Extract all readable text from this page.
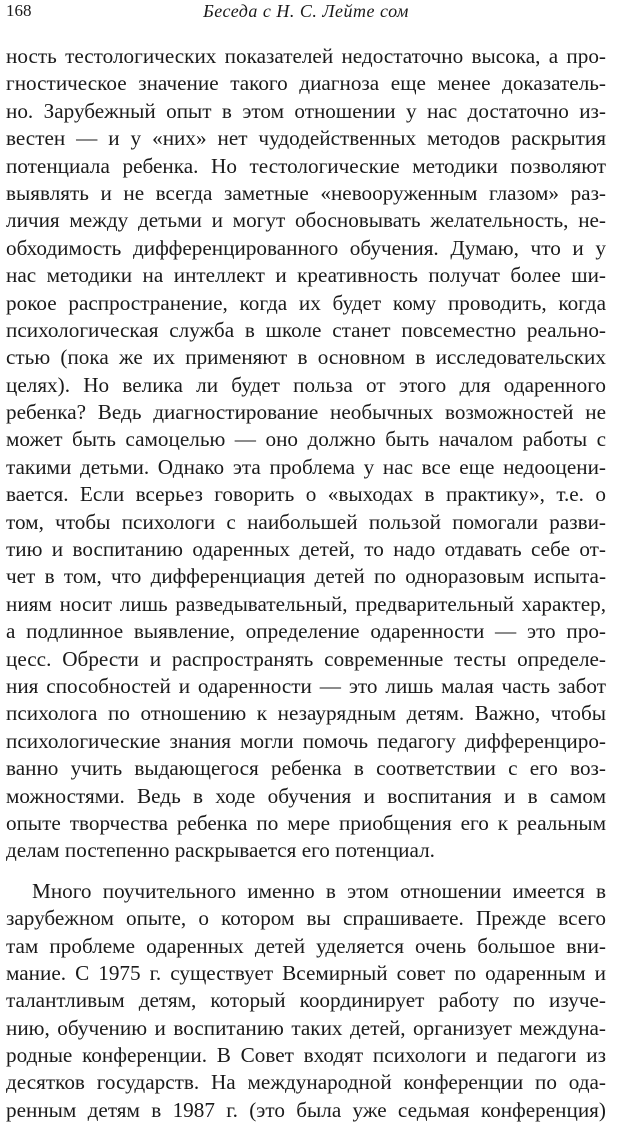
168	Беседа с Н. С. Лейте сом
ность тестологических показателей недостаточно высока, а про-
гностическое значение такого диагноза еще менее доказатель-
но. Зарубежный опыт в этом отношении у нас достаточно из-
вестен — и у «них» нет чудодейственных методов раскрытия
потенциала ребенка. Но тестологические методики позволяют
выявлять и не всегда заметные «невооруженным глазом» раз-
личия между детьми и могут обосновывать желательность, не-
обходимость дифференцированного обучения. Думаю, что и у
нас методики на интеллект и креативность получат более ши-
рокое распространение, когда их будет кому проводить, когда
психологическая служба в школе станет повсеместно реально-
стью (пока же их применяют в основном в исследовательских
целях). Но велика ли будет польза от этого для одаренного
ребенка? Ведь диагностирование необычных возможностей не
может быть самоцелью — оно должно быть началом работы с
такими детьми. Однако эта проблема у нас все еще недооцени-
вается. Если всерьез говорить о «выходах в практику», т.е. о
том, чтобы психологи с наибольшей пользой помогали разви-
тию и воспитанию одаренных детей, то надо отдавать себе от-
чет в том, что дифференциация детей по одноразовым испыта-
ниям носит лишь разведывательный, предварительный характер,
а подлинное выявление, определение одаренности — это про-
цесс. Обрести и распространять современные тесты определе-
ния способностей и одаренности — это лишь малая часть забот
психолога по отношению к незаурядным детям. Важно, чтобы
психологические знания могли помочь педагогу дифференциро-
ванно учить выдающегося ребенка в соответствии с его воз-
можностями. Ведь в ходе обучения и воспитания и в самом
опыте творчества ребенка по мере приобщения его к реальным
делам постепенно раскрывается его потенциал.
Много поучительного именно в этом отношении имеется в
зарубежном опыте, о котором вы спрашиваете. Прежде всего
там проблеме одаренных детей уделяется очень большое вни-
мание. С 1975 г. существует Всемирный совет по одаренным и
талантливым детям, который координирует работу по изуче-
нию, обучению и воспитанию таких детей, организует междуна-
родные конференции. В Совет входят психологи и педагоги из
десятков государств. На международной конференции по ода-
ренным детям в 1987 г. (это была уже седьмая конференция)
